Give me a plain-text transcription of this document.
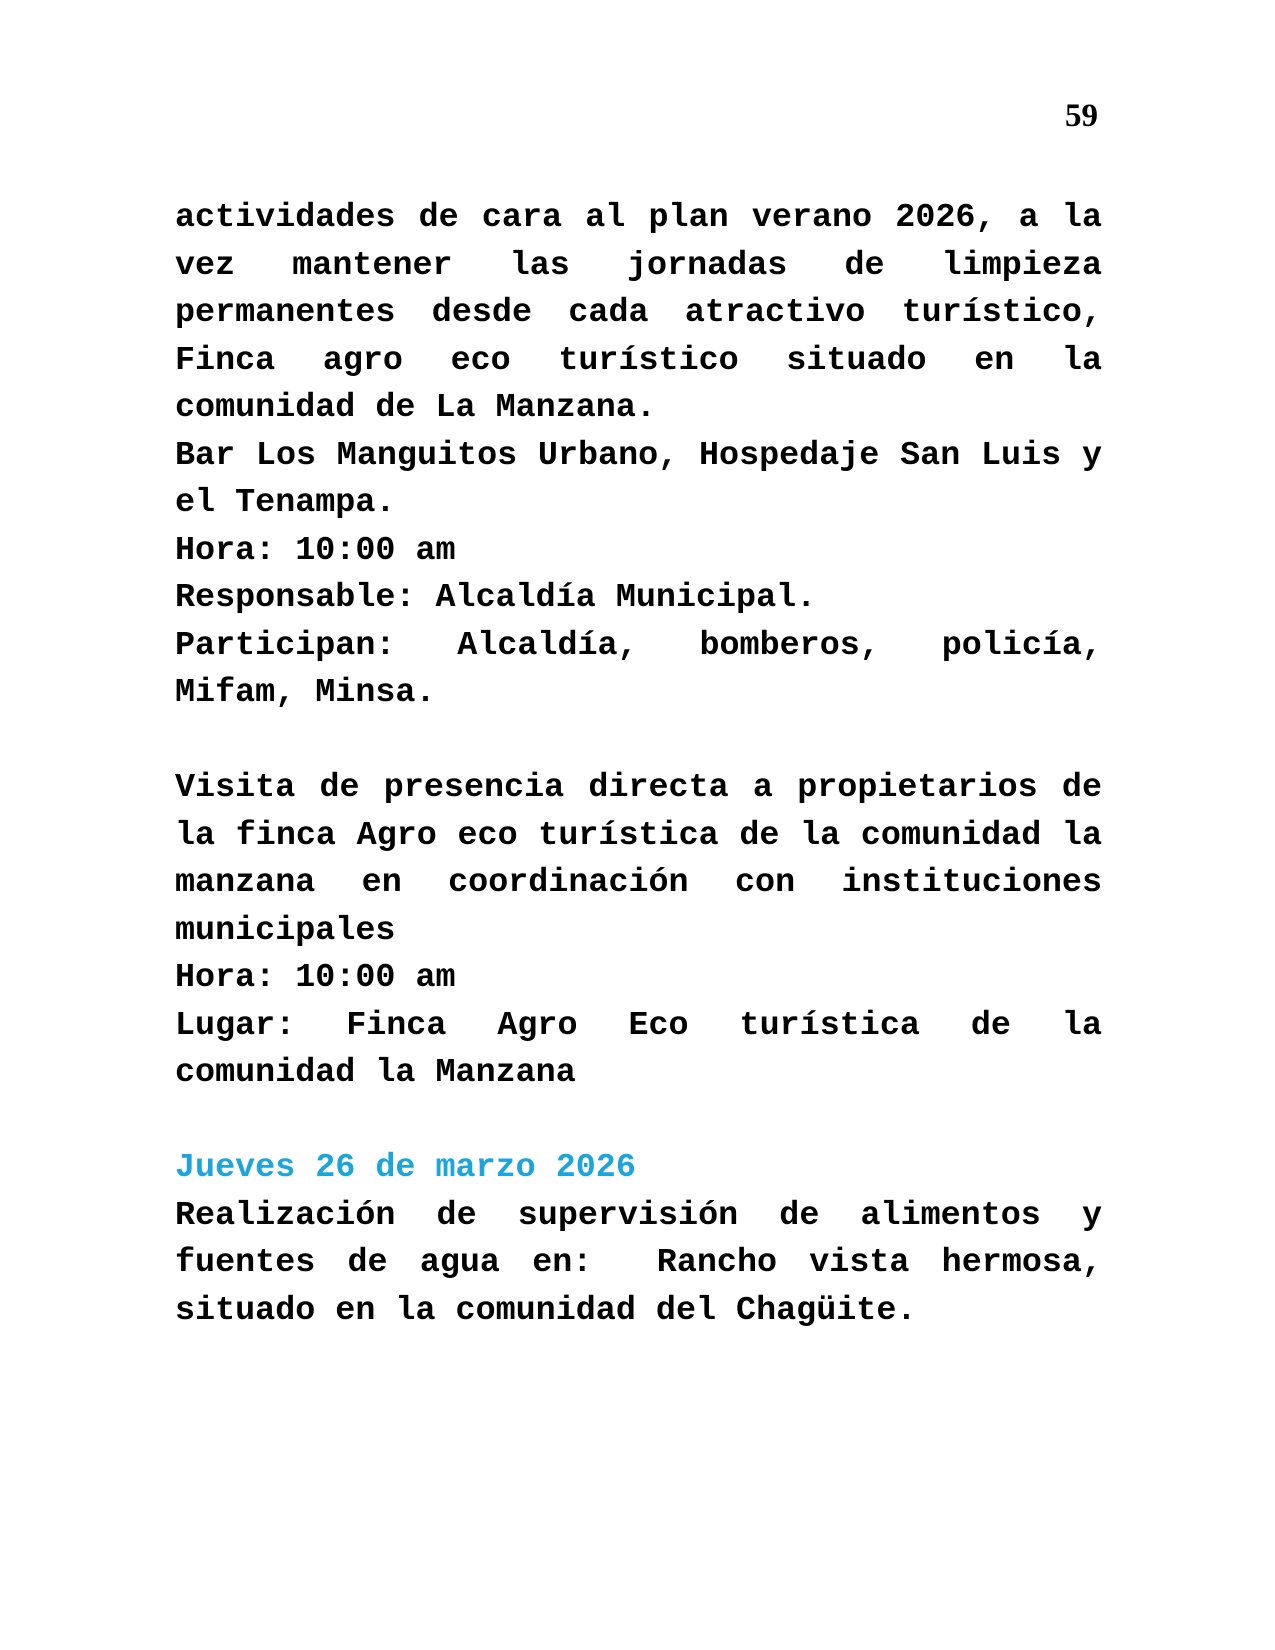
59
actividades de cara al plan verano 2026, a la
vez mantener las jornadas de limpieza
permanentes desde cada atractivo turístico,
Finca agro eco turístico situado en la
comunidad de La Manzana.
Bar Los Manguitos Urbano, Hospedaje San Luis y
el Tenampa.
Hora: 10:00 am
Responsable: Alcaldía Municipal.
Participan: Alcaldía, bomberos, policía,
Mifam, Minsa.
Visita de presencia directa a propietarios de
la finca Agro eco turística de la comunidad la
manzana en coordinación con instituciones
municipales
Hora: 10:00 am
Lugar: Finca Agro Eco turística de la
comunidad la Manzana
Jueves 26 de marzo 2026
Realización de supervisión de alimentos y
fuentes de agua en:  Rancho vista hermosa,
situado en la comunidad del Chagüite.
